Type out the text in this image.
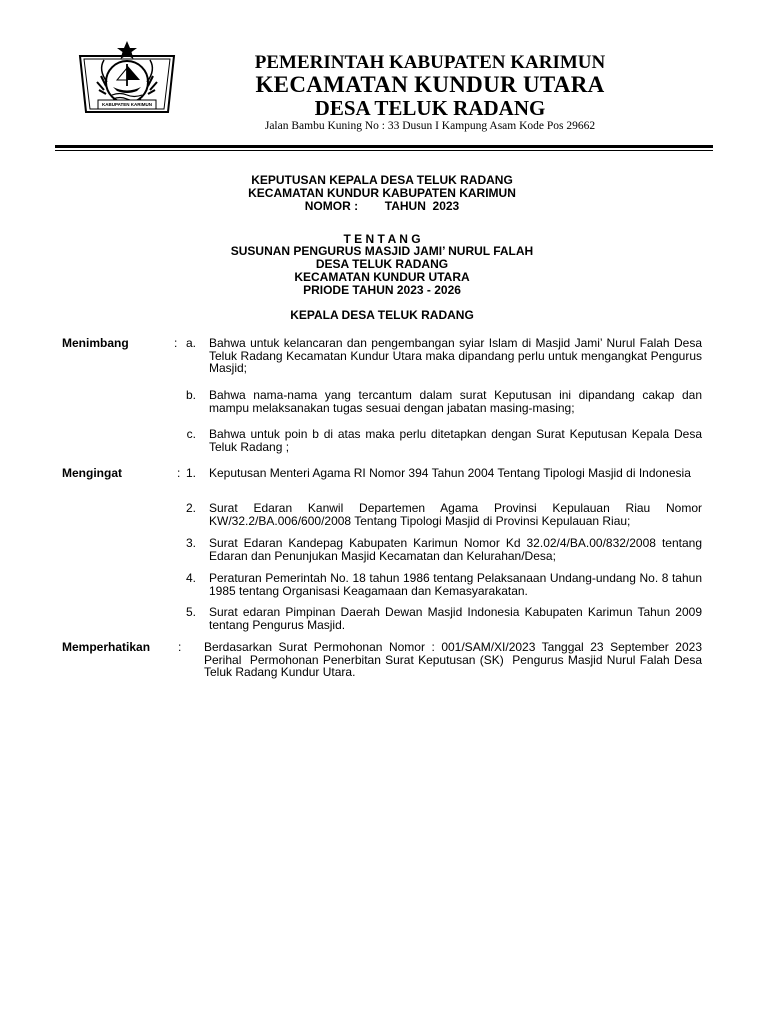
KABUPATEN KARIMUN
PEMERINTAH KABUPATEN KARIMUN
KECAMATAN KUNDUR UTARA
DESA TELUK RADANG
Jalan Bambu Kuning No : 33 Dusun I Kampung Asam Kode Pos 29662
KEPUTUSAN KEPALA DESA TELUK RADANG
KECAMATAN KUNDUR KABUPATEN KARIMUN
NOMOR :        TAHUN  2023
T E N T A N G
SUSUNAN PENGURUS MASJID JAMI’ NURUL FALAH
DESA TELUK RADANG
KECAMATAN KUNDUR UTARA
PRIODE TAHUN 2023 - 2026
KEPALA DESA TELUK RADANG
Menimbang	: a. Bahwa untuk kelancaran dan pengembangan syiar Islam di Masjid Jami’ Nurul Falah Desa Teluk Radang Kecamatan Kundur Utara maka dipandang perlu untuk mengangkat Pengurus Masjid;
b. Bahwa nama-nama yang tercantum dalam surat Keputusan ini dipandang cakap dan mampu melaksanakan tugas sesuai dengan jabatan masing-masing;
c. Bahwa untuk poin b di atas maka perlu ditetapkan dengan Surat Keputusan Kepala Desa Teluk Radang ;
Mengingat	: 1. Keputusan Menteri Agama RI Nomor 394 Tahun 2004 Tentang Tipologi Masjid di Indonesia
2. Surat Edaran Kanwil Departemen Agama Provinsi Kepulauan Riau Nomor KW/32.2/BA.006/600/2008 Tentang Tipologi Masjid di Provinsi Kepulauan Riau;
3. Surat Edaran Kandepag Kabupaten Karimun Nomor Kd 32.02/4/BA.00/832/2008 tentang Edaran dan Penunjukan Masjid Kecamatan dan Kelurahan/Desa;
4. Peraturan Pemerintah No. 18 tahun 1986 tentang Pelaksanaan Undang-undang No. 8 tahun 1985 tentang Organisasi Keagamaan dan Kemasyarakatan.
5. Surat edaran Pimpinan Daerah Dewan Masjid Indonesia Kabupaten Karimun Tahun 2009 tentang Pengurus Masjid.
Memperhatikan : Berdasarkan Surat Permohonan Nomor : 001/SAM/XI/2023 Tanggal 23 September 2023 Perihal  Permohonan Penerbitan Surat Keputusan (SK)  Pengurus Masjid Nurul Falah Desa Teluk Radang Kundur Utara.
